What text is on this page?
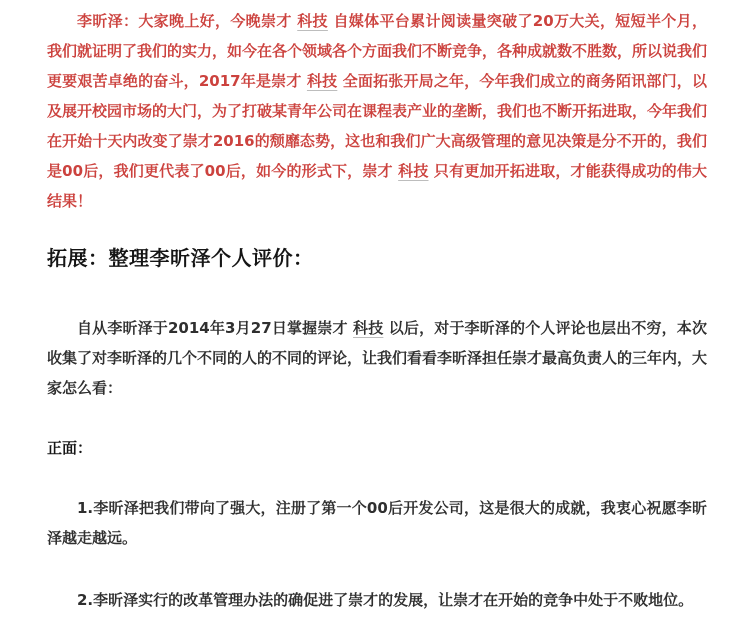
李昕泽：大家晚上好，今晚崇才 科技 自媒体平台累计阅读量突破了20万大关，短短半个月，我们就证明了我们的实力，如今在各个领域各个方面我们不断竞争，各种成就数不胜数，所以说我们更要艰苦卓绝的奋斗，2017年是崇才 科技 全面拓张开局之年，今年我们成立的商务陌讯部门，以及展开校园市场的大门，为了打破某青年公司在课程表产业的垄断，我们也不断开拓进取，今年我们在开始十天内改变了崇才2016的颓靡态势，这也和我们广大高级管理的意见决策是分不开的，我们是00后，我们更代表了00后，如今的形式下，崇才 科技 只有更加开拓进取，才能获得成功的伟大结果！

拓展：整理李昕泽个人评价：

自从李昕泽于2014年3月27日掌握崇才 科技 以后，对于李昕泽的个人评论也层出不穷，本次收集了对李昕泽的几个不同的人的不同的评论，让我们看看李昕泽担任崇才最高负责人的三年内，大家怎么看：

正面：

1.李昕泽把我们带向了强大，注册了第一个00后开发公司，这是很大的成就，我衷心祝愿李昕泽越走越远。

2.李昕泽实行的改革管理办法的确促进了崇才的发展，让崇才在开始的竞争中处于不败地位。
